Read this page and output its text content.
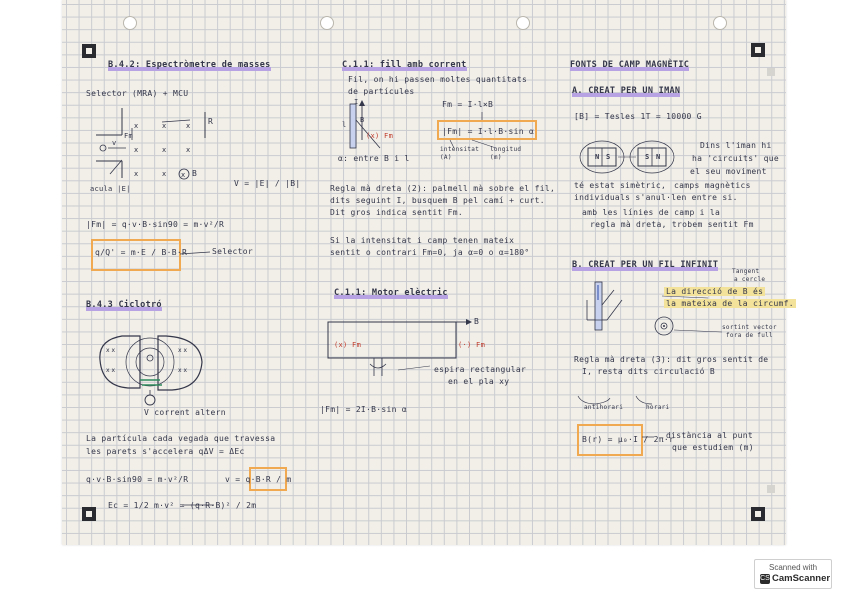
B.4.2: Espectròmetre de masses
Selector (MRA) + MCU
x	x	x
x	x	x
x	x x
x x
x x
x x
x x
Fm
v
R
B
V = |E| / |B|
acula |E|
|Fm| = q·v·B·sin90 = m·v²/R
q/Q' = m·E / B·B·R	Selector
B.4.3 Ciclotró
V corrent altern
La partícula cada vegada que travessa
les parets s'accelera qΔV = ΔEc
q·v·B·sin90 = m·v²/R	v = q·B·R / m
Ec = 1/2 m·v² = (q·R·B)² / 2m
C.1.1: fill amb corrent
Fil, on hi passen moltes quantitats
de partícules
I
(x) Fm
l
B
Fm = I·l×B
|Fm| = I·l·B·sin α
intensitat (A)
longitud (m)
α: entre B i l
Regla mà dreta (2): palmell mà sobre el fil,
dits seguint I, busquem B pel camí + curt.
Dit gros indica sentit Fm.
Si la intensitat i camp tenen mateix
sentit o contrari Fm=0, ja α=0 o α=180°
C.1.1: Motor elèctric
B
(x) Fm	(·) Fm
espira rectangular
en el pla xy
|Fm| = 2I·B·sin α
FONTS DE CAMP MAGNÈTIC
A. CREAT PER UN IMAN
[B] = Tesles 1T = 10000 G
N S	S N
Dins l'iman hi
ha 'circuits' que
el seu moviment
té estat simètric, camps magnètics
individuals s'anul·len entre si.
amb les línies de camp i la
regla mà dreta, trobem sentit Fm
B. CREAT PER UN FIL INFINIT
Tangent
a cercle
La direcció de B és
la mateixa de la circumf.
sortint vector
fora de full
Regla mà dreta (3): dit gros sentit de
I, resta dits circulació B
antihorari	horari
B(r) = μ₀·I / 2π·r
distància al punt
que estudiem (m)
Scanned with
CS CamScanner
